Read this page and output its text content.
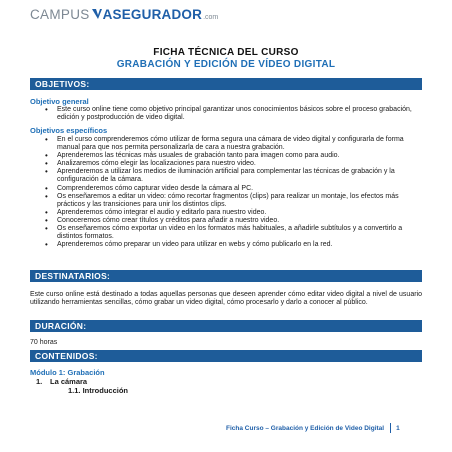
CAMPUS ASEGURADOR .com
FICHA TÉCNICA DEL CURSO
GRABACIÓN Y EDICIÓN DE VÍDEO DIGITAL
OBJETIVOS:
Objetivo general
• Este curso online tiene como objetivo principal garantizar unos conocimientos básicos sobre el proceso grabación, edición y postproducción de video digital.
Objetivos específicos
• En el curso comprenderemos cómo utilizar de forma segura una cámara de video digital y configurarla de forma manual para que nos permita personalizarla de cara a nuestra grabación.
• Aprenderemos las técnicas más usuales de grabación tanto para imagen como para audio.
• Analizaremos cómo elegir las localizaciones para nuestro video.
• Aprenderemos a utilizar los medios de iluminación artificial para complementar las técnicas de grabación y la configuración de la cámara.
• Comprenderemos cómo capturar video desde la cámara al PC.
• Os enseñaremos a editar un video: cómo recortar fragmentos (clips) para realizar un montaje, los efectos más prácticos y las transiciones para unir los distintos clips.
• Aprenderemos cómo integrar el audio y editarlo para nuestro video.
• Conoceremos cómo crear títulos y créditos para añadir a nuestro video.
• Os enseñaremos cómo exportar un video en los formatos más habituales, a añadirle subtítulos y a convertirlo a distintos formatos.
• Aprenderemos cómo preparar un video para utilizar en webs y cómo publicarlo en la red.
DESTINATARIOS:
Este curso online está destinado a todas aquellas personas que deseen aprender cómo editar video digital a nivel de usuario utilizando herramientas sencillas, cómo grabar un video digital, cómo procesarlo y darlo a conocer al público.
DURACIÓN:
70 horas
CONTENIDOS:
Módulo 1: Grabación
1. La cámara
1.1. Introducción
Ficha Curso – Grabación y Edición de Video Digital 1
